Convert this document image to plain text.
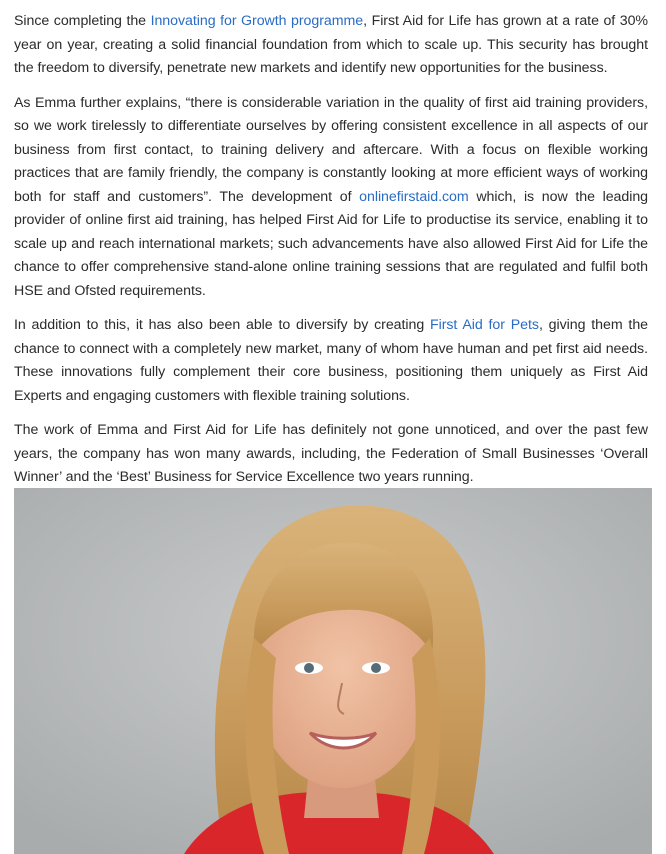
Since completing the Innovating for Growth programme, First Aid for Life has grown at a rate of 30% year on year, creating a solid financial foundation from which to scale up. This security has brought the freedom to diversify, penetrate new markets and identify new opportunities for the business.

As Emma further explains, “there is considerable variation in the quality of first aid training providers, so we work tirelessly to differentiate ourselves by offering consistent excellence in all aspects of our business from first contact, to training delivery and aftercare. With a focus on flexible working practices that are family friendly, the company is constantly looking at more efficient ways of working both for staff and customers”. The development of onlinefirstaid.com which, is now the leading provider of online first aid training, has helped First Aid for Life to productise its service, enabling it to scale up and reach international markets; such advancements have also allowed First Aid for Life the chance to offer comprehensive stand-alone online training sessions that are regulated and fulfil both HSE and Ofsted requirements.

In addition to this, it has also been able to diversify by creating First Aid for Pets, giving them the chance to connect with a completely new market, many of whom have human and pet first aid needs. These innovations fully complement their core business, positioning them uniquely as First Aid Experts and engaging customers with flexible training solutions.

The work of Emma and First Aid for Life has definitely not gone unnoticed, and over the past few years, the company has won many awards, including, the Federation of Small Businesses ‘Overall Winner’ and the ‘Best’ Business for Service Excellence two years running.
